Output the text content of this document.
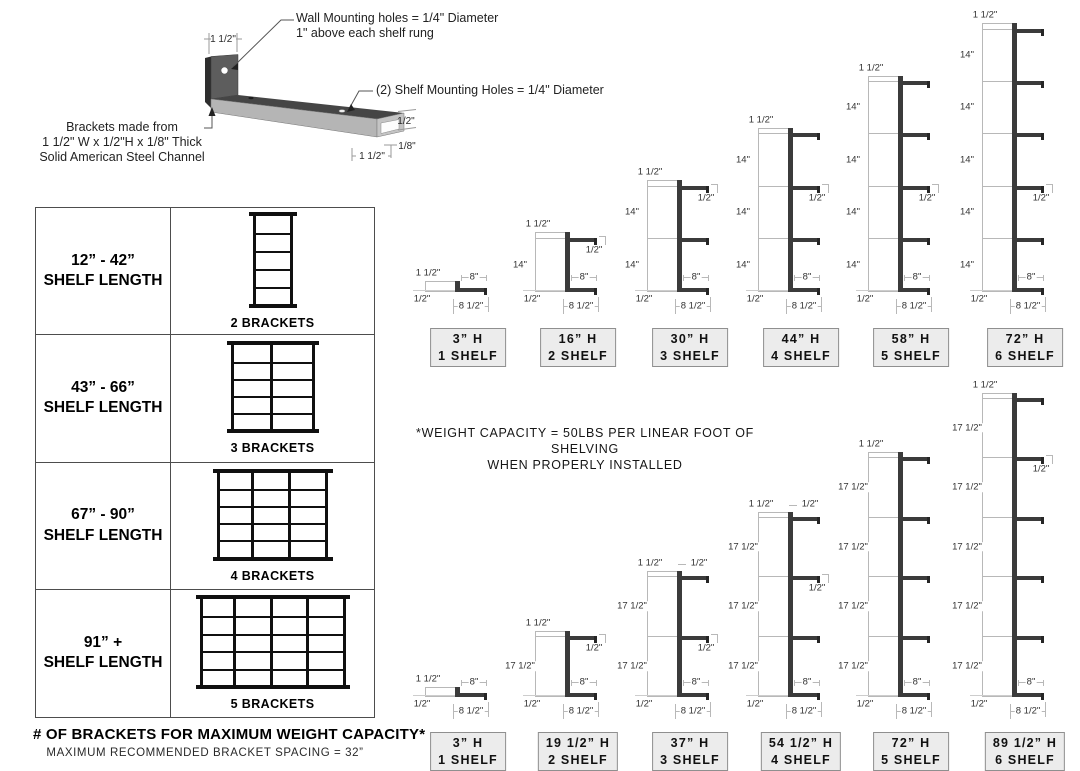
1 1/2"
1/2"
1/8"
1 1/2"
Wall Mounting holes = 1/4" Diameter
1" above each shelf rung
(2) Shelf Mounting Holes = 1/4" Diameter
Brackets made from
1 1/2" W x 1/2"H x 1/8" Thick
Solid American Steel Channel
12” - 42”
SHELF LENGTH
2 BRACKETS
43” - 66”
SHELF LENGTH
3 BRACKETS
67” - 90”
SHELF LENGTH
4 BRACKETS
91” +
SHELF LENGTH
5 BRACKETS
# OF BRACKETS FOR MAXIMUM WEIGHT CAPACITY*
MAXIMUM RECOMMENDED BRACKET SPACING = 32”
*WEIGHT CAPACITY = 50LBS PER LINEAR FOOT OF SHELVING
WHEN PROPERLY INSTALLED
1 1/2"
1/2"
8"
8 1/2"
3” H
1 SHELF
14"
1 1/2"
1/2"
1/2"
8"
8 1/2"
16” H
2 SHELF
14"
14"
1 1/2"
1/2"
1/2"
8"
8 1/2"
30” H
3 SHELF
14"
14"
14"
1 1/2"
1/2"
1/2"
8"
8 1/2"
44” H
4 SHELF
14"
14"
14"
14"
1 1/2"
1/2"
1/2"
8"
8 1/2"
58” H
5 SHELF
14"
14"
14"
14"
14"
1 1/2"
1/2"
1/2"
8"
8 1/2"
72” H
6 SHELF
1 1/2"
1/2"
8"
8 1/2"
3” H
1 SHELF
17 1/2"
1 1/2"
1/2"
1/2"
8"
8 1/2"
19 1/2” H
2 SHELF
17 1/2"
17 1/2"
1 1/2"	1/2"
1/2"
1/2"
8"
8 1/2"
37” H
3 SHELF
17 1/2"
17 1/2"
17 1/2"
1 1/2"	1/2"
1/2"
1/2"
8"
8 1/2"
54 1/2” H
4 SHELF
17 1/2"
17 1/2"
17 1/2"
17 1/2"
1 1/2"
1/2"
8"
8 1/2"
72” H
5 SHELF
17 1/2"
17 1/2"
17 1/2"
17 1/2"
17 1/2"
1 1/2"
1/2"
1/2"
8"
8 1/2"
89 1/2” H
6 SHELF
